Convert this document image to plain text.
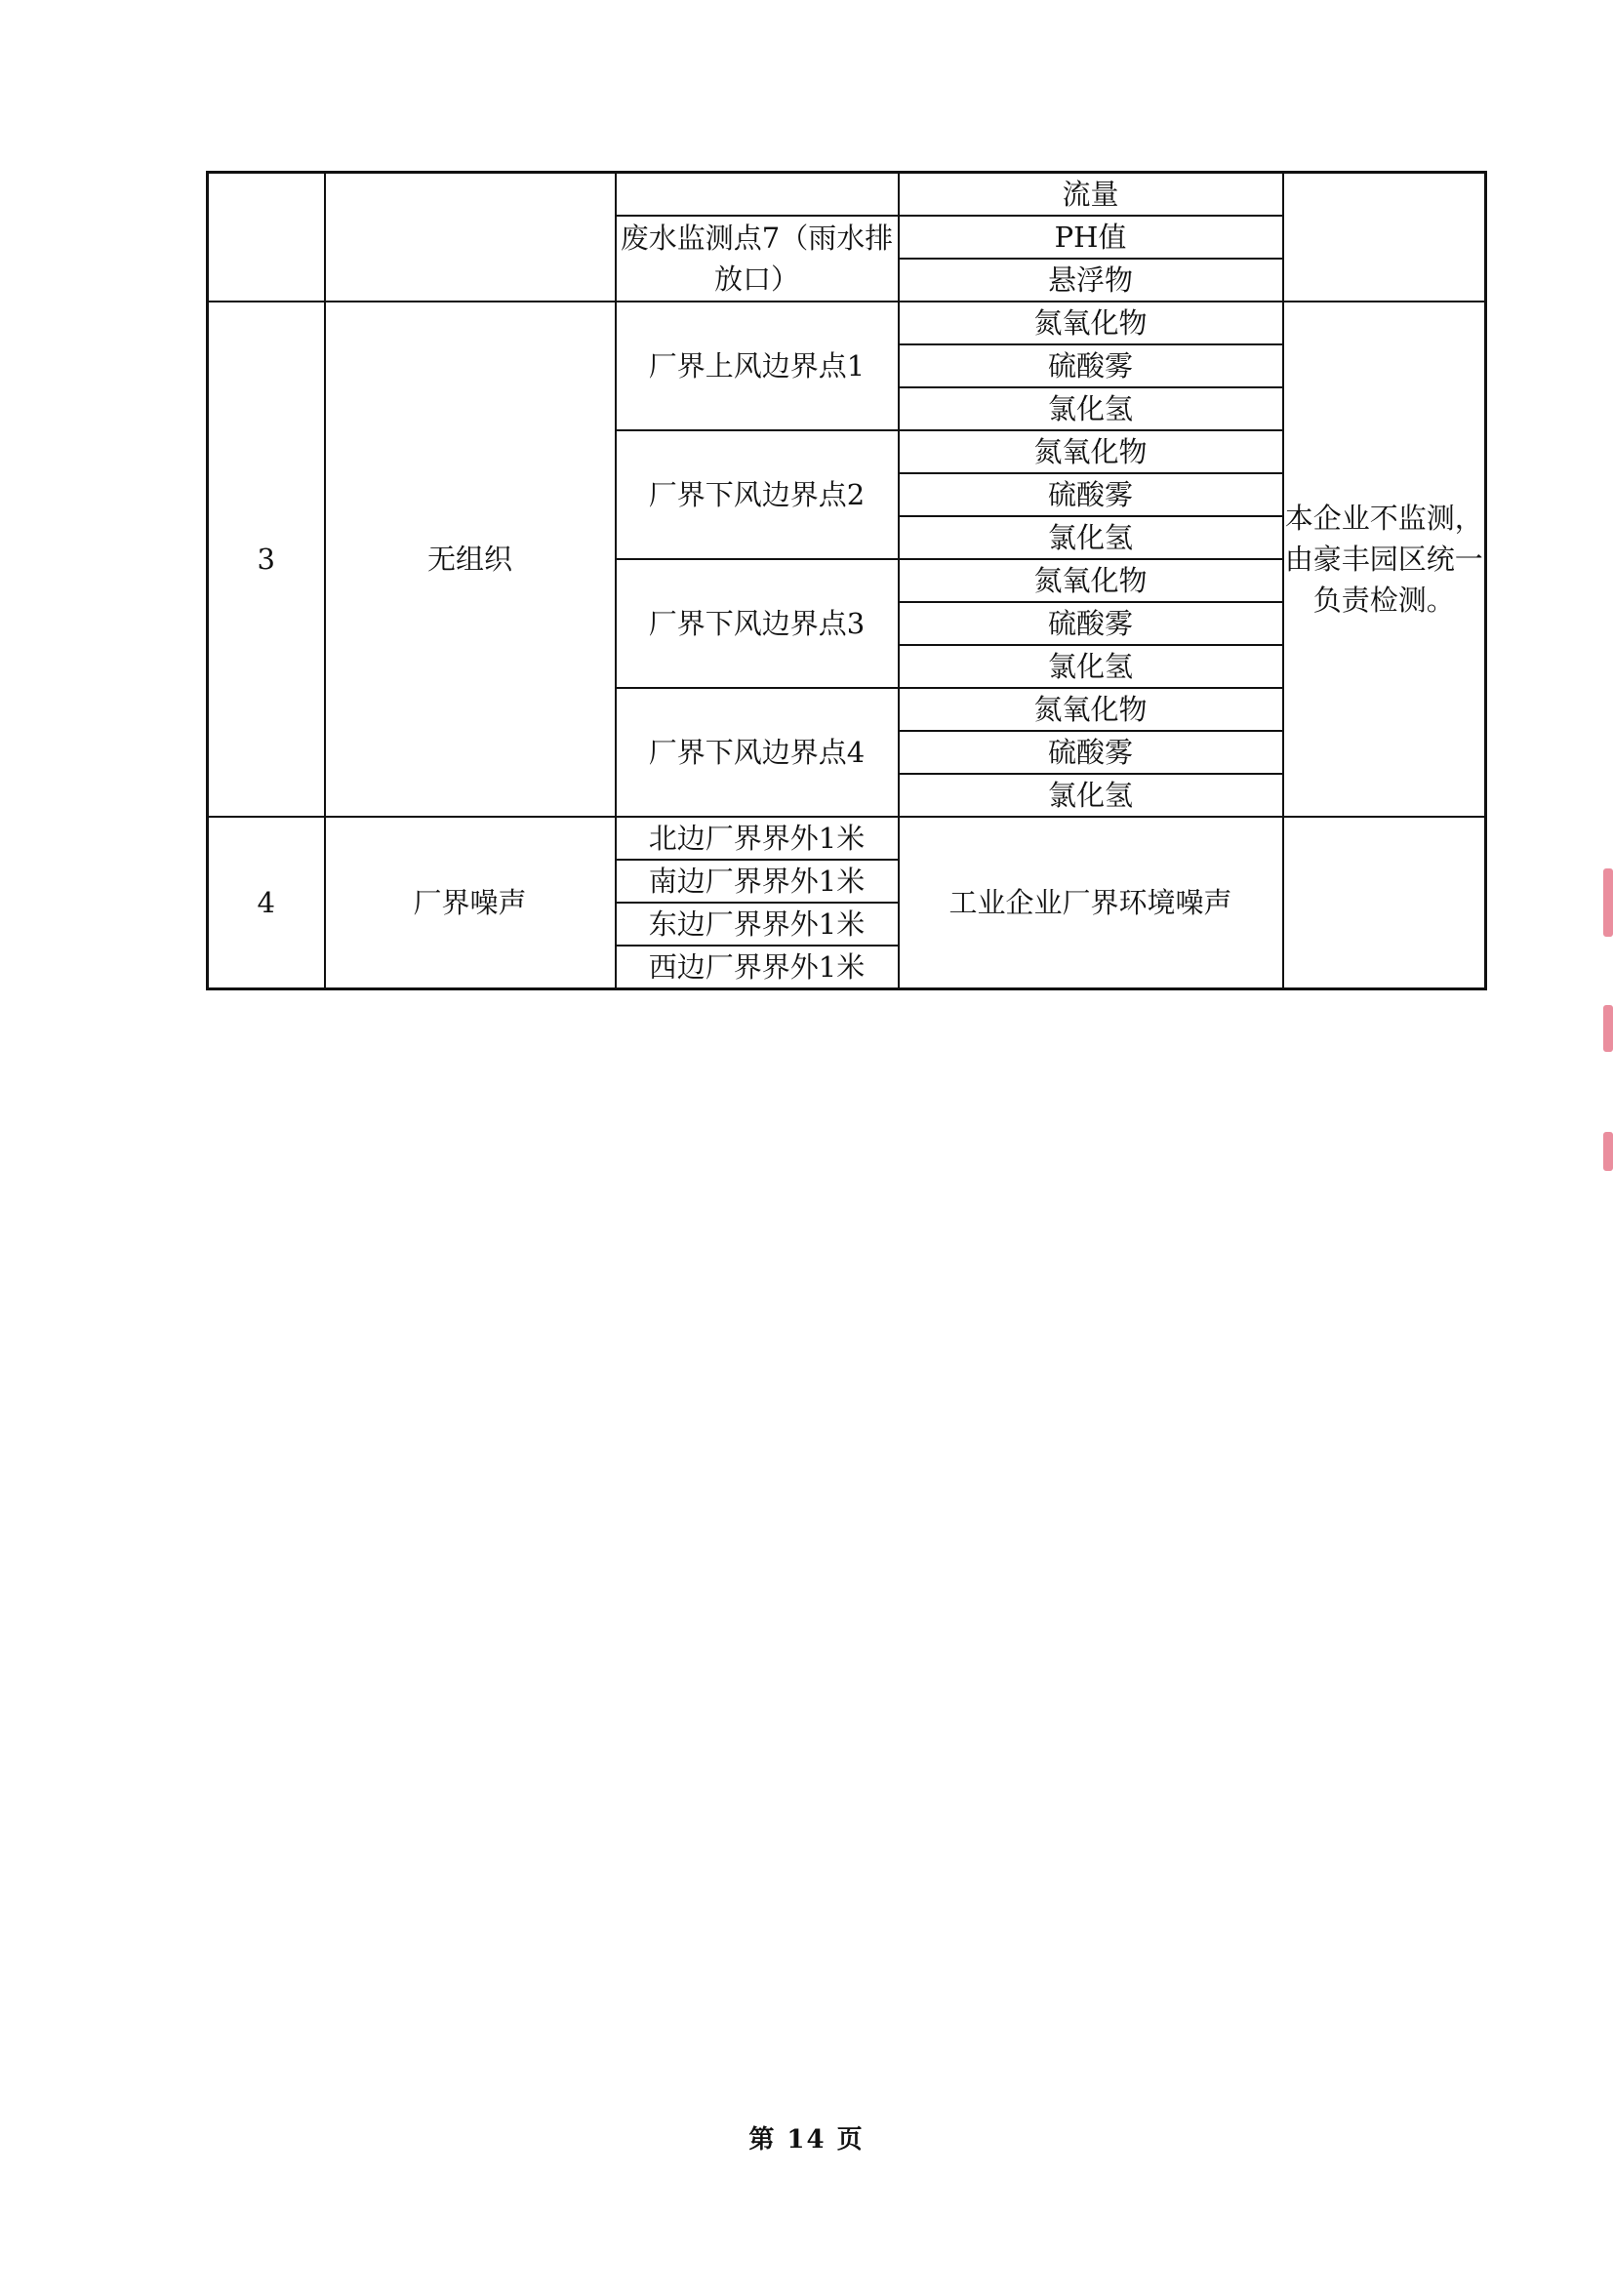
			流量	
		废水监测点7（雨水排放口）	PH值	
			悬浮物	
3	无组织	厂界上风边界点1	氮氧化物	本企业不监测，由豪丰园区统一负责检测。
			硫酸雾	
			氯化氢	
		厂界下风边界点2	氮氧化物	
			硫酸雾	
			氯化氢	
		厂界下风边界点3	氮氧化物	
			硫酸雾	
			氯化氢	
		厂界下风边界点4	氮氧化物	
			硫酸雾	
			氯化氢	
4	厂界噪声	北边厂界界外1米	工业企业厂界环境噪声	
		南边厂界界外1米		
		东边厂界界外1米		
		西边厂界界外1米		
第 14 页
